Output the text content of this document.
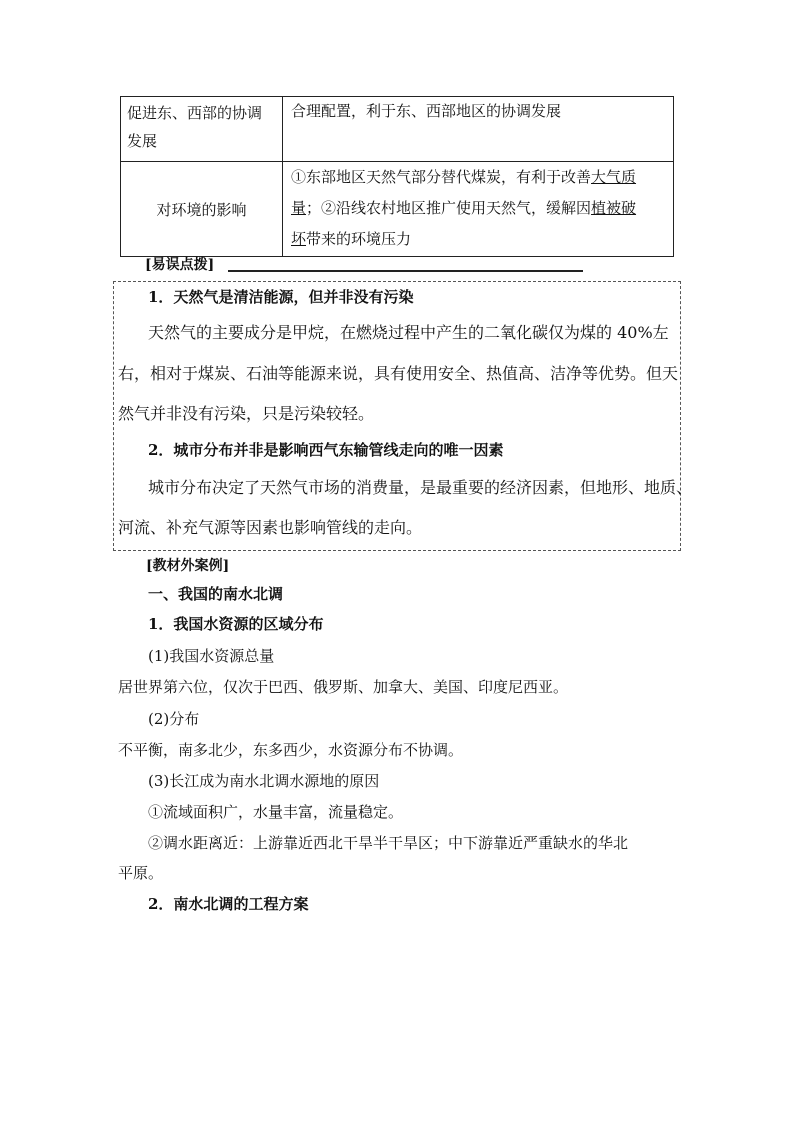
促进东、西部的协调
发展	合理配置，利于东、西部地区的协调发展
对环境的影响	①东部地区天然气部分替代煤炭，有利于改善大气质
量；②沿线农村地区推广使用天然气，缓解因植被破
坏带来的环境压力
[易误点拨]
1．天然气是清洁能源，但并非没有污染
天然气的主要成分是甲烷，在燃烧过程中产生的二氧化碳仅为煤的 40%左
右，相对于煤炭、石油等能源来说，具有使用安全、热值高、洁净等优势。但天
然气并非没有污染，只是污染较轻。
2．城市分布并非是影响西气东输管线走向的唯一因素
城市分布决定了天然气市场的消费量，是最重要的经济因素，但地形、地质、
河流、补充气源等因素也影响管线的走向。
[教材外案例]
一、我国的南水北调
1．我国水资源的区域分布
(1)我国水资源总量
居世界第六位，仅次于巴西、俄罗斯、加拿大、美国、印度尼西亚。
(2)分布
不平衡，南多北少，东多西少，水资源分布不协调。
(3)长江成为南水北调水源地的原因
①流域面积广，水量丰富，流量稳定。
②调水距离近：上游靠近西北干旱半干旱区；中下游靠近严重缺水的华北
平原。
2．南水北调的工程方案
